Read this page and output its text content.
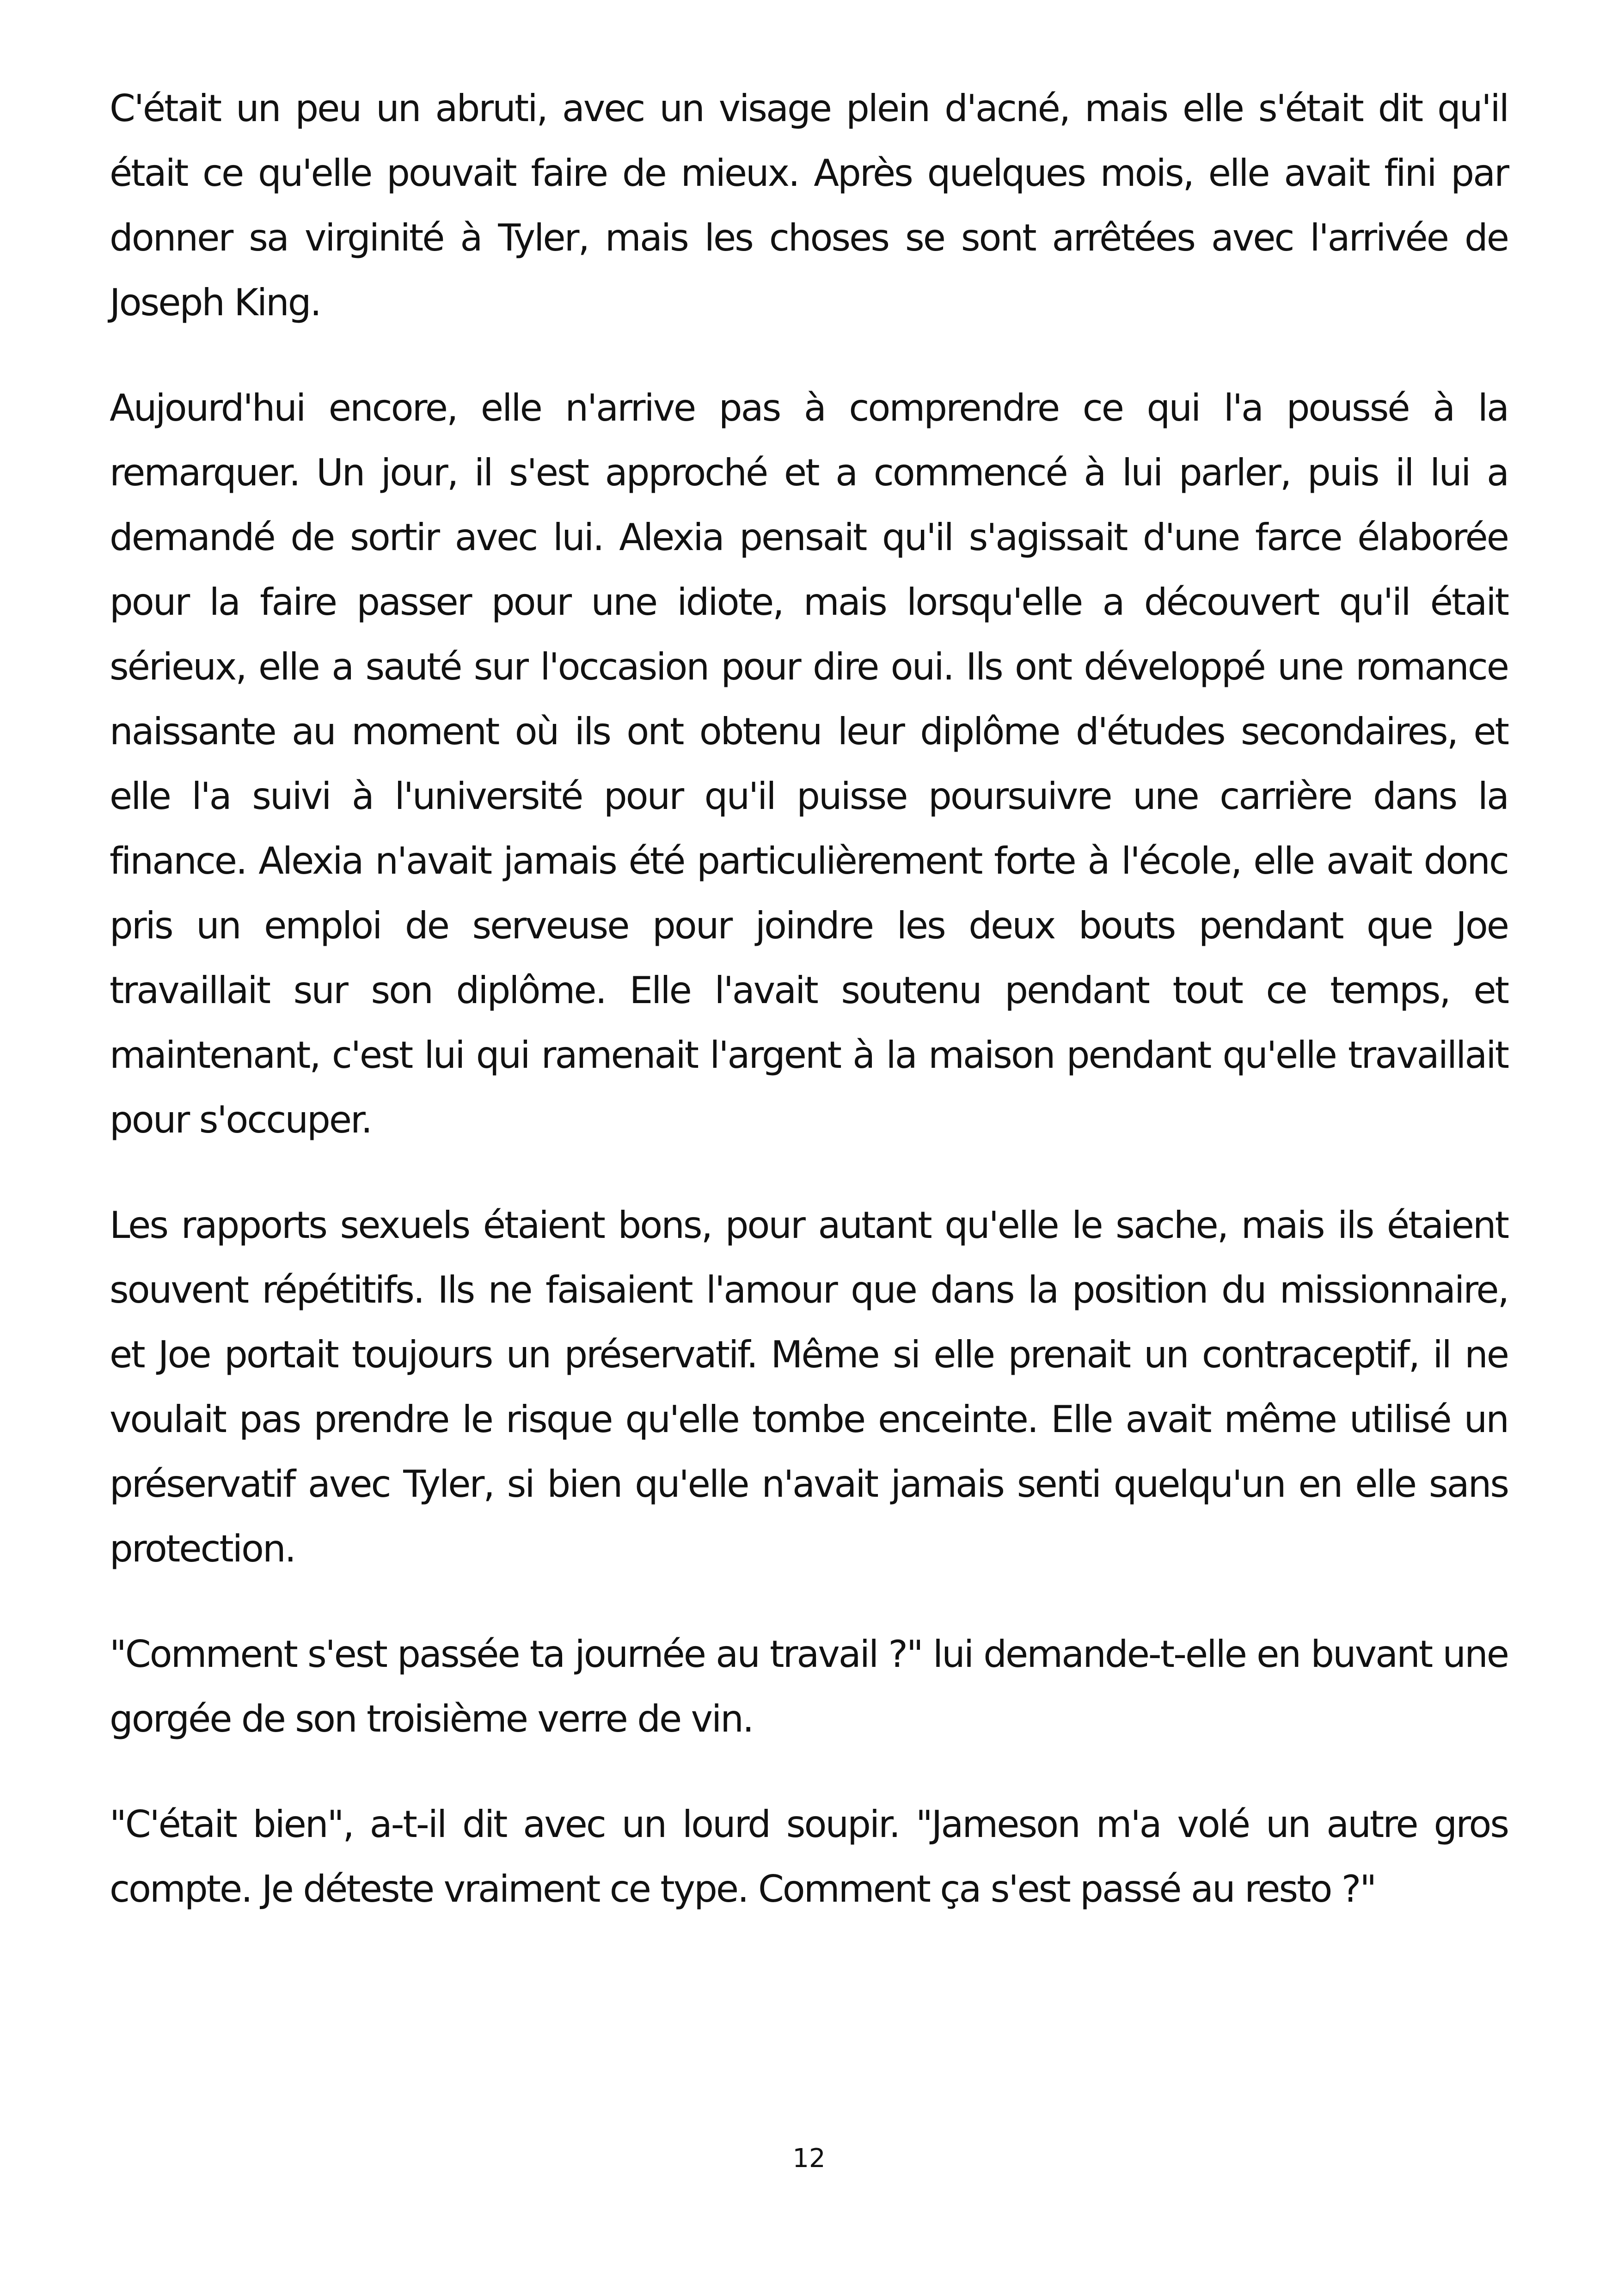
C'était un peu un abruti, avec un visage plein d'acné, mais elle s'était dit qu'il était ce qu'elle pouvait faire de mieux. Après quelques mois, elle avait fini par donner sa virginité à Tyler, mais les choses se sont arrêtées avec l'arrivée de Joseph King.

Aujourd'hui encore, elle n'arrive pas à comprendre ce qui l'a poussé à la remarquer. Un jour, il s'est approché et a commencé à lui parler, puis il lui a demandé de sortir avec lui. Alexia pensait qu'il s'agissait d'une farce élaborée pour la faire passer pour une idiote, mais lorsqu'elle a découvert qu'il était sérieux, elle a sauté sur l'occasion pour dire oui. Ils ont développé une romance naissante au moment où ils ont obtenu leur diplôme d'études secondaires, et elle l'a suivi à l'université pour qu'il puisse poursuivre une carrière dans la finance. Alexia n'avait jamais été particulièrement forte à l'école, elle avait donc pris un emploi de serveuse pour joindre les deux bouts pendant que Joe travaillait sur son diplôme. Elle l'avait soutenu pendant tout ce temps, et maintenant, c'est lui qui ramenait l'argent à la maison pendant qu'elle travaillait pour s'occuper.

Les rapports sexuels étaient bons, pour autant qu'elle le sache, mais ils étaient souvent répétitifs. Ils ne faisaient l'amour que dans la position du missionnaire, et Joe portait toujours un préservatif. Même si elle prenait un contraceptif, il ne voulait pas prendre le risque qu'elle tombe enceinte. Elle avait même utilisé un préservatif avec Tyler, si bien qu'elle n'avait jamais senti quelqu'un en elle sans protection.

"Comment s'est passée ta journée au travail ?" lui demande-t-elle en buvant une gorgée de son troisième verre de vin.

"C'était bien", a-t-il dit avec un lourd soupir. "Jameson m'a volé un autre gros compte. Je déteste vraiment ce type. Comment ça s'est passé au resto ?"

12
